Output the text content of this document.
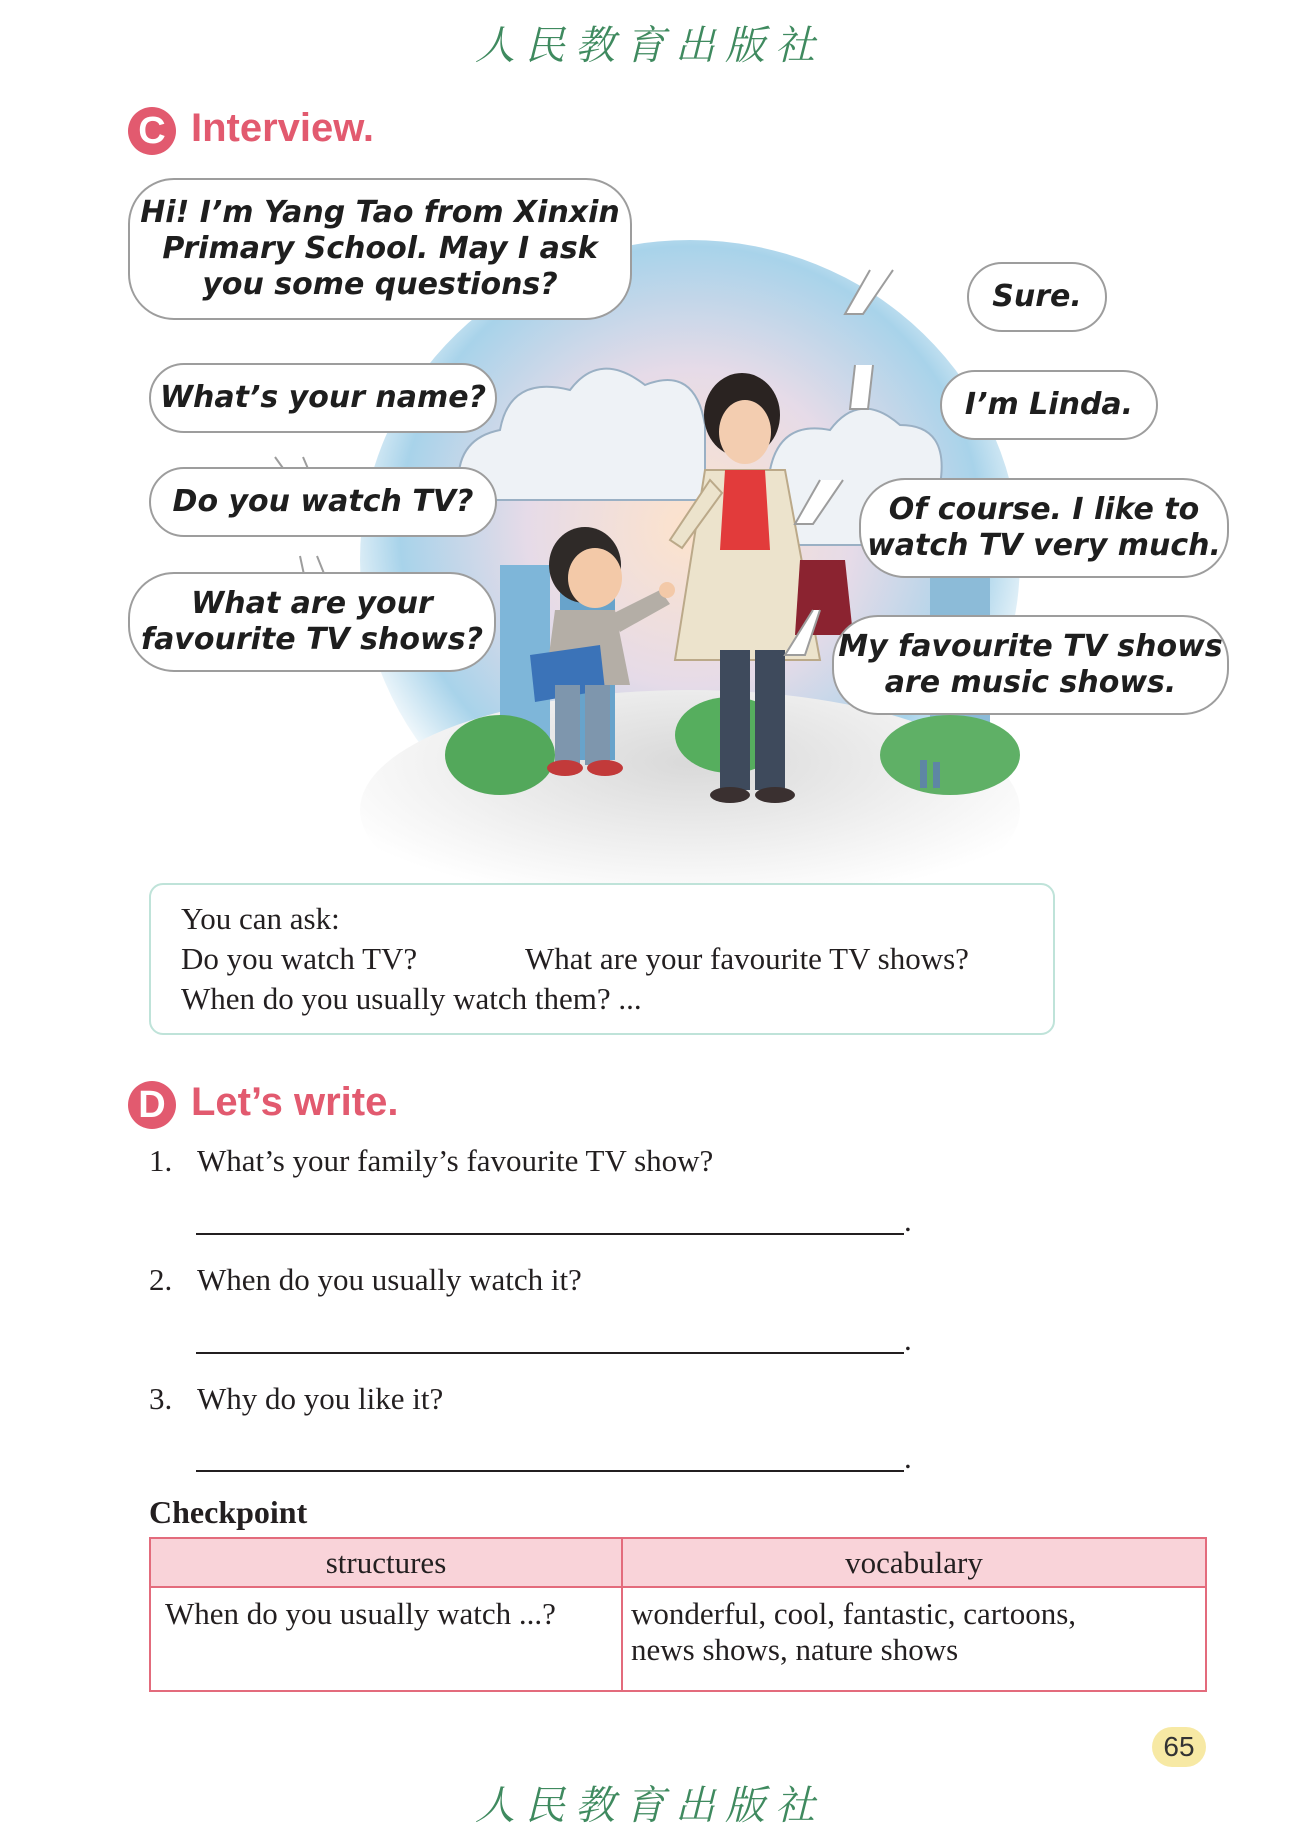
人民教育出版社
C Interview.
Hi! I’m Yang Tao from Xinxin
Primary School. May I ask
you some questions?
What’s your name?
Do you watch TV?
What are your
favourite TV shows?
Sure.
I’m Linda.
Of course. I like to
watch TV very much.
My favourite TV shows
are music shows.
You can ask:
Do you watch TV?	What are your favourite TV shows?
When do you usually watch them? ...
D Let’s write.
1. What’s your family’s favourite TV show?
.
2. When do you usually watch it?
.
3. Why do you like it?
.
Checkpoint
structures	vocabulary
When do you usually watch ...?	wonderful, cool, fantastic, cartoons,
news shows, nature shows
65
人民教育出版社
